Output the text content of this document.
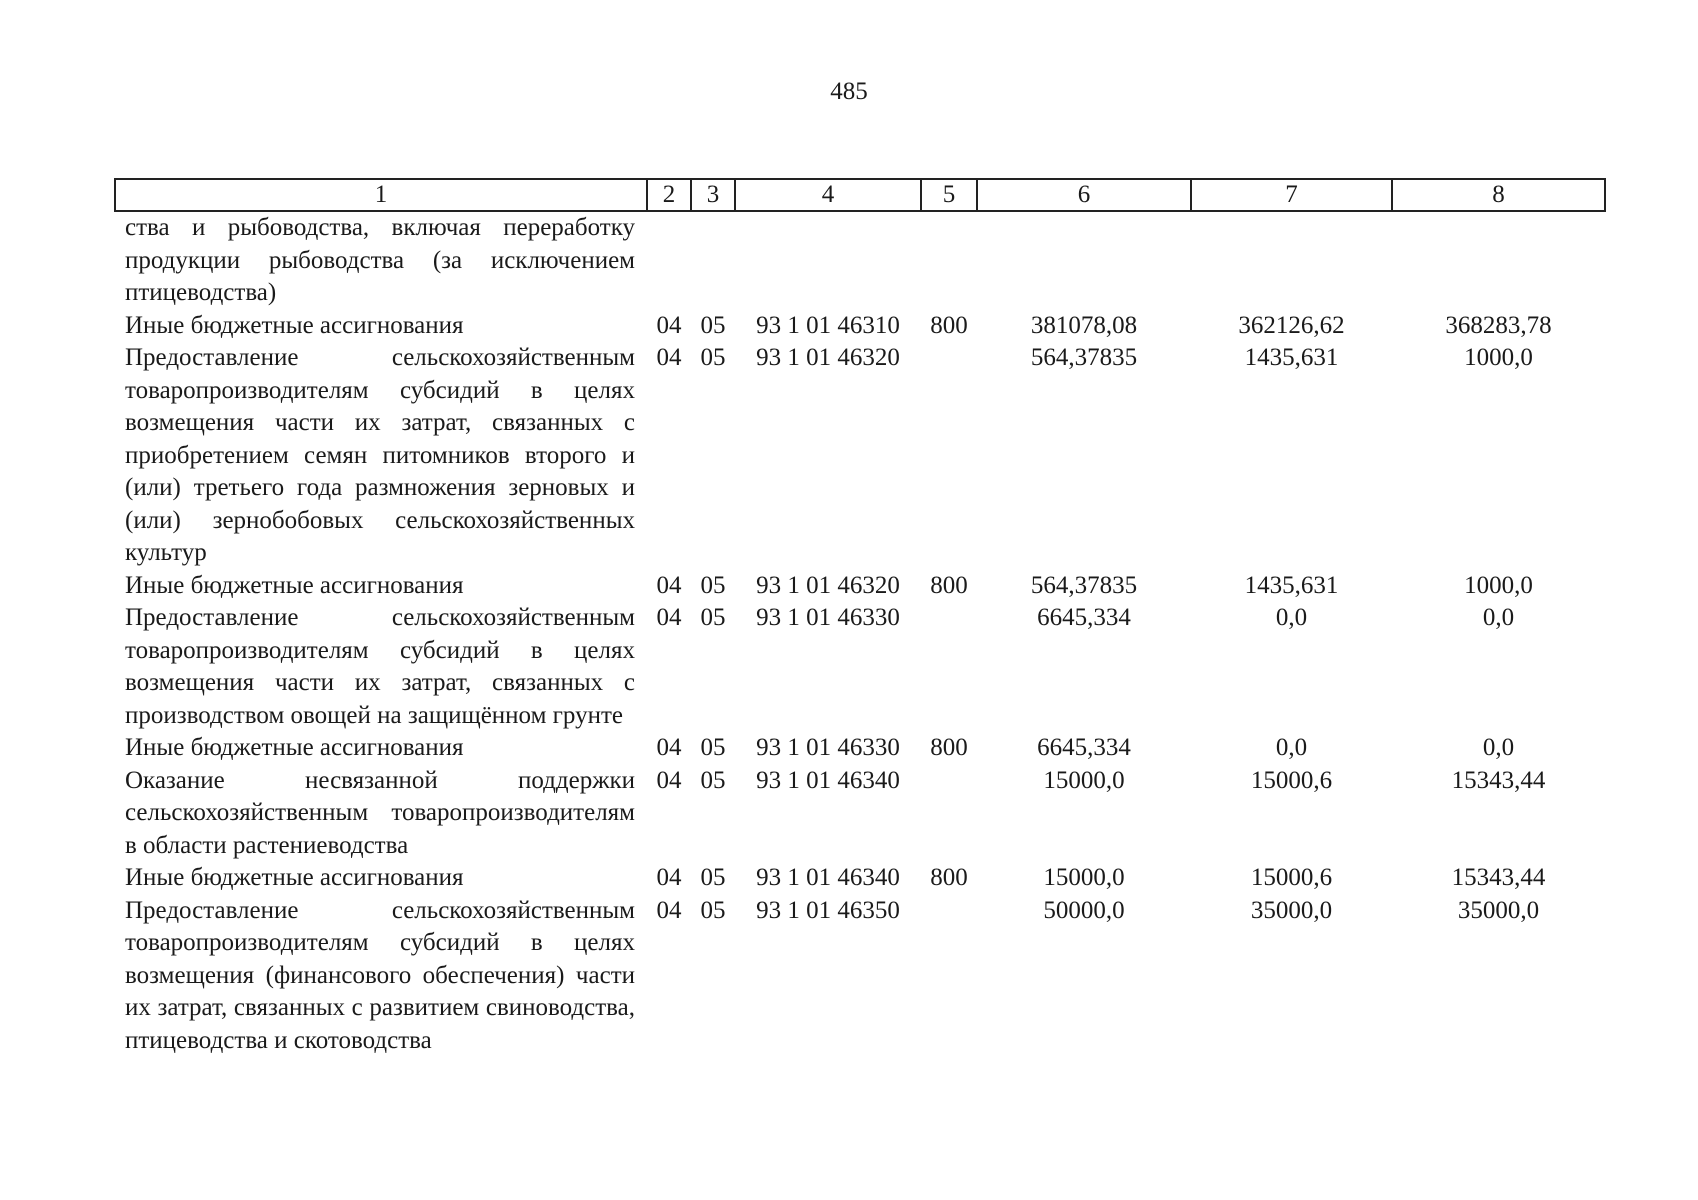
485
1	2	3	4	5	6	7	8
ства и рыбоводства, включая переработку продукции рыбоводства (за исключением птицеводства)							
Иные бюджетные ассигнования	04	05	93 1 01 46310	800	381078,08	362126,62	368283,78
Предоставление сельскохозяйственным товаропроизводителям субсидий в целях возмещения части их затрат, связанных с приобретением семян питомников второго и (или) третьего года размножения зерновых и (или) зернобобовых сельскохозяйственных культур	04	05	93 1 01 46320		564,37835	1435,631	1000,0
Иные бюджетные ассигнования	04	05	93 1 01 46320	800	564,37835	1435,631	1000,0
Предоставление сельскохозяйственным товаропроизводителям субсидий в целях возмещения части их затрат, связанных с производством овощей на защищённом грунте	04	05	93 1 01 46330		6645,334	0,0	0,0
Иные бюджетные ассигнования	04	05	93 1 01 46330	800	6645,334	0,0	0,0
Оказание несвязанной поддержки сельскохозяйственным товаропроизводителям в области растениеводства	04	05	93 1 01 46340		15000,0	15000,6	15343,44
Иные бюджетные ассигнования	04	05	93 1 01 46340	800	15000,0	15000,6	15343,44
Предоставление сельскохозяйственным товаропроизводителям субсидий в целях возмещения (финансового обеспечения) части их затрат, связанных с развитием свиноводства, птицеводства и скотоводства	04	05	93 1 01 46350		50000,0	35000,0	35000,0
